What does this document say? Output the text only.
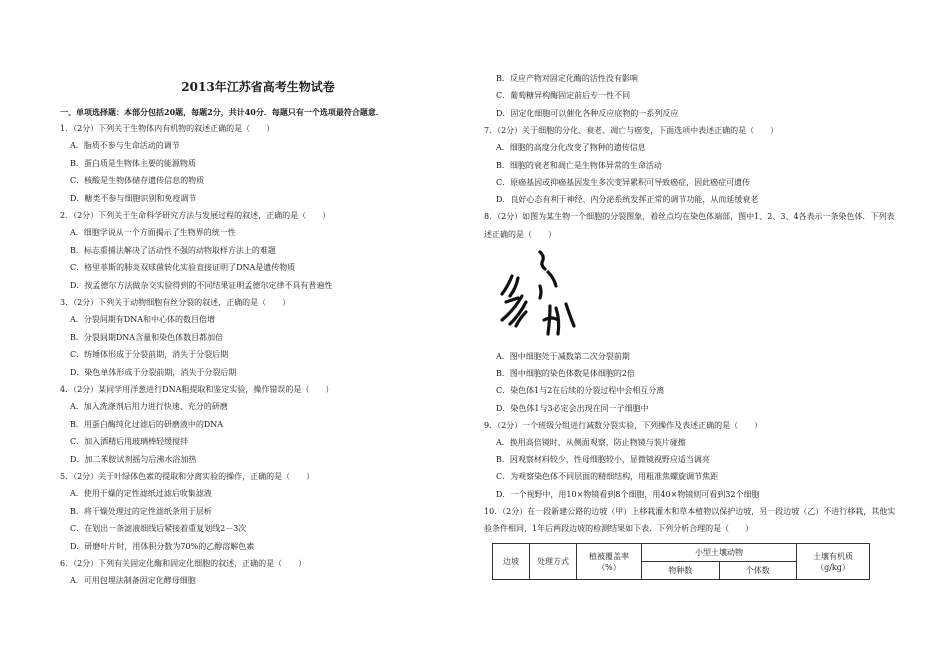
2013年江苏省高考生物试卷
一、单项选择题：本部分包括20题，每题2分，共计40分．每题只有一个选项最符合题意．
1．（2分）下列关于生物体内有机物的叙述正确的是（　　）
A．脂质不参与生命活动的调节
B．蛋白质是生物体主要的能源物质
C．核酸是生物体储存遗传信息的物质
D．糖类不参与细胞识别和免疫调节
2．（2分）下列关于生命科学研究方法与发展过程的叙述，正确的是（　　）
A．细胞学说从一个方面揭示了生物界的统一性
B．标志重捕法解决了活动性不强的动物取样方法上的难题
C．格里菲斯的肺炎双球菌转化实验直接证明了DNA是遗传物质
D．按孟德尔方法做杂交实验得到的不同结果证明孟德尔定律不具有普遍性
3．（2分）下列关于动物细胞有丝分裂的叙述，正确的是（　　）
A．分裂间期有DNA和中心体的数目倍增
B．分裂间期DNA含量和染色体数目都加倍
C．纺锤体形成于分裂前期，消失于分裂后期
D．染色单体形成于分裂前期，消失于分裂后期
4．（2分）某同学用洋葱进行DNA粗提取和鉴定实验，操作错误的是（　　）
A．加入洗涤剂后用力进行快速、充分的研磨
B．用蛋白酶纯化过滤后的研磨液中的DNA
C．加入酒精后用玻璃棒轻缓搅拌
D．加二苯胺试剂摇匀后沸水浴加热
5．（2分）关于叶绿体色素的提取和分离实验的操作，正确的是（　　）
A．使用干燥的定性滤纸过滤后收集滤液
B．将干燥处理过的定性滤纸条用于层析
C．在划出一条滤液细线后紧接着重复划线2－3次
D．研磨叶片时，用体积分数为70%的乙醇溶解色素
6．（2分）下列有关固定化酶和固定化细胞的叙述，正确的是（　　）
A．可用包埋法制备固定化酵母细胞
B．反应产物对固定化酶的活性没有影响
C．葡萄糖异构酶固定前后专一性不同
D．固定化细胞可以催化各种反应底物的一系列反应
7．（2分）关于细胞的分化、衰老、凋亡与癌变，下面选项中表述正确的是（　　）
A．细胞的高度分化改变了物种的遗传信息
B．细胞的衰老和凋亡是生物体异常的生命活动
C．原癌基因或抑癌基因发生多次变异累积可导致癌症，因此癌症可遗传
D．良好心态有利于神经、内分泌系统发挥正常的调节功能，从而延缓衰老
8．（2分）如图为某生物一个细胞的分裂图象，着丝点均在染色体端部，图中1、2、3、4各表示一条染色体．下列表
述正确的是（　　）
A．图中细胞处于减数第二次分裂前期
B．图中细胞的染色体数是体细胞的2倍
C．染色体1与2在后续的分裂过程中会相互分离
D．染色体1与3必定会出现在同一子细胞中
9．（2分）一个班级分组进行减数分裂实验，下列操作及表述正确的是（　　）
A．换用高倍镜时，从侧面观察，防止物镜与装片碰擦
B．因观察材料较少，性母细胞较小，显微镜视野应适当调亮
C．为观察染色体不同层面的精细结构，用粗准焦螺旋调节焦距
D．一个视野中，用10×物镜看到8个细胞，用40×物镜则可看到32个细胞
10．（2分）在一段新建公路的边坡（甲）上移栽灌木和草本植物以保护边坡，另一段边坡（乙）不进行移栽，其他实
验条件相同，1年后两段边坡的检测结果如下表．下列分析合理的是（　　）
边坡	处理方式	植被覆盖率（%）	小型土壤动物		土壤有机质（g/kg）
			物种数	个体数	
